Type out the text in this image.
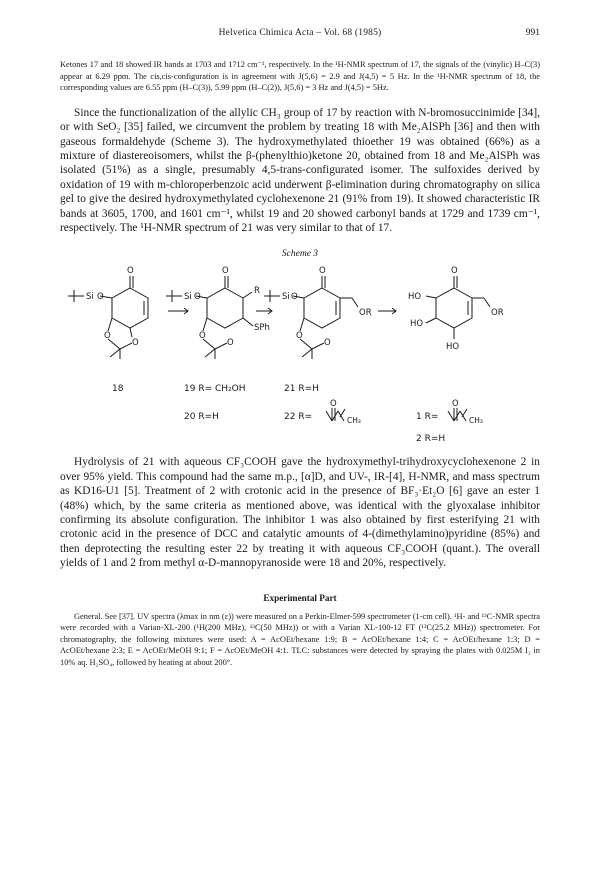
Helvetica Chimica Acta – Vol. 68 (1985)	991

Ketones 17 and 18 showed IR bands at 1703 and 1712 cm⁻¹, respectively. In the ¹H-NMR spectrum of 17, the signals of the (vinylic) H–C(3) appear at 6.29 ppm. The cis,cis-configuration is in agreement with J(5,6) = 2.9 and J(4,5) = 5 Hz. In the ¹H-NMR spectrum of 18, the corresponding values are 6.55 ppm (H–C(3)), 5.99 ppm (H–C(2)), J(5,6) = 3 Hz and J(4,5) = 5Hz.

Since the functionalization of the allylic CH₃ group of 17 by reaction with N-bromosuccinimide [34], or with SeO₂ [35] failed, we circumvent the problem by treating 18 with Me₂AlSPh [36] and then with gaseous formaldehyde (Scheme 3). The hydroxymethylated thioether 19 was obtained (66%) as a mixture of diastereoisomers, whilst the β-(phenylthio)ketone 20, obtained from 18 and Me₂AlSPh was isolated (51%) as a single, presumably 4,5-trans-configurated isomer. The sulfoxides derived by oxidation of 19 with m-chloroperbenzoic acid underwent β-elimination during chromatography on silica gel to give the desired hydroxymethylated cyclohexenone 21 (91% from 19). It showed characteristic IR bands at 3605, 1700, and 1601 cm⁻¹, whilst 19 and 20 showed carbonyl bands at 1729 and 1739 cm⁻¹, respectively. The ¹H-NMR spectrum of 21 was very similar to that of 17.

Scheme 3
O
Si O
O
O
O
R
Si O
SPh
O
O
O
Si O
OR
O
O
O
HO
OR
HO
HO
O	O
18	19 R= CH₂OH
20 R=H
21 R=H
22 R=	CH₃	1 R=	CH₃
2 R=H

Hydrolysis of 21 with aqueous CF₃COOH gave the hydroxymethyl-trihydroxycyclohexenone 2 in over 95% yield. This compound had the same m.p., [α]D, and UV-, IR-[4], H-NMR, and mass spectrum as KD16-U1 [5]. Treatment of 2 with crotonic acid in the presence of BF₃·Et₂O [6] gave an ester 1 (48%) which, by the same criteria as mentioned above, was identical with the glyoxalase inhibitor confirming its absolute configuration. The inhibitor 1 was also obtained by first esterifying 21 with crotonic acid in the presence of DCC and catalytic amounts of 4-(dimethylamino)pyridine (85%) and then deprotecting the resulting ester 22 by treating it with aqueous CF₃COOH (quant.). The overall yields of 1 and 2 from methyl α-D-mannopyranoside were 18 and 20%, respectively.

Experimental Part

General. See [37]. UV spectra (λmax in nm (ε)) were measured on a Perkin-Elmer-599 spectrometer (1-cm cell). ¹H- and ¹³C-NMR spectra were recorded with a Varian-XL-200 (¹H(200 MHz), ¹³C(50 MHz)) or with a Varian XL-100-12 FT (¹³C(25.2 MHz)) spectrometer. For chromatography, the following mixtures were used: A = AcOEt/hexane 1:9; B = AcOEt/hexane 1:4; C = AcOEt/hexane 1:3; D = AcOEt/hexane 2:3; E = AcOEt/MeOH 9:1; F = AcOEt/MeOH 4:1. TLC: substances were detected by spraying the plates with 0.025M I₂ in 10% aq. H₂SO₄, followed by heating at about 200°.
